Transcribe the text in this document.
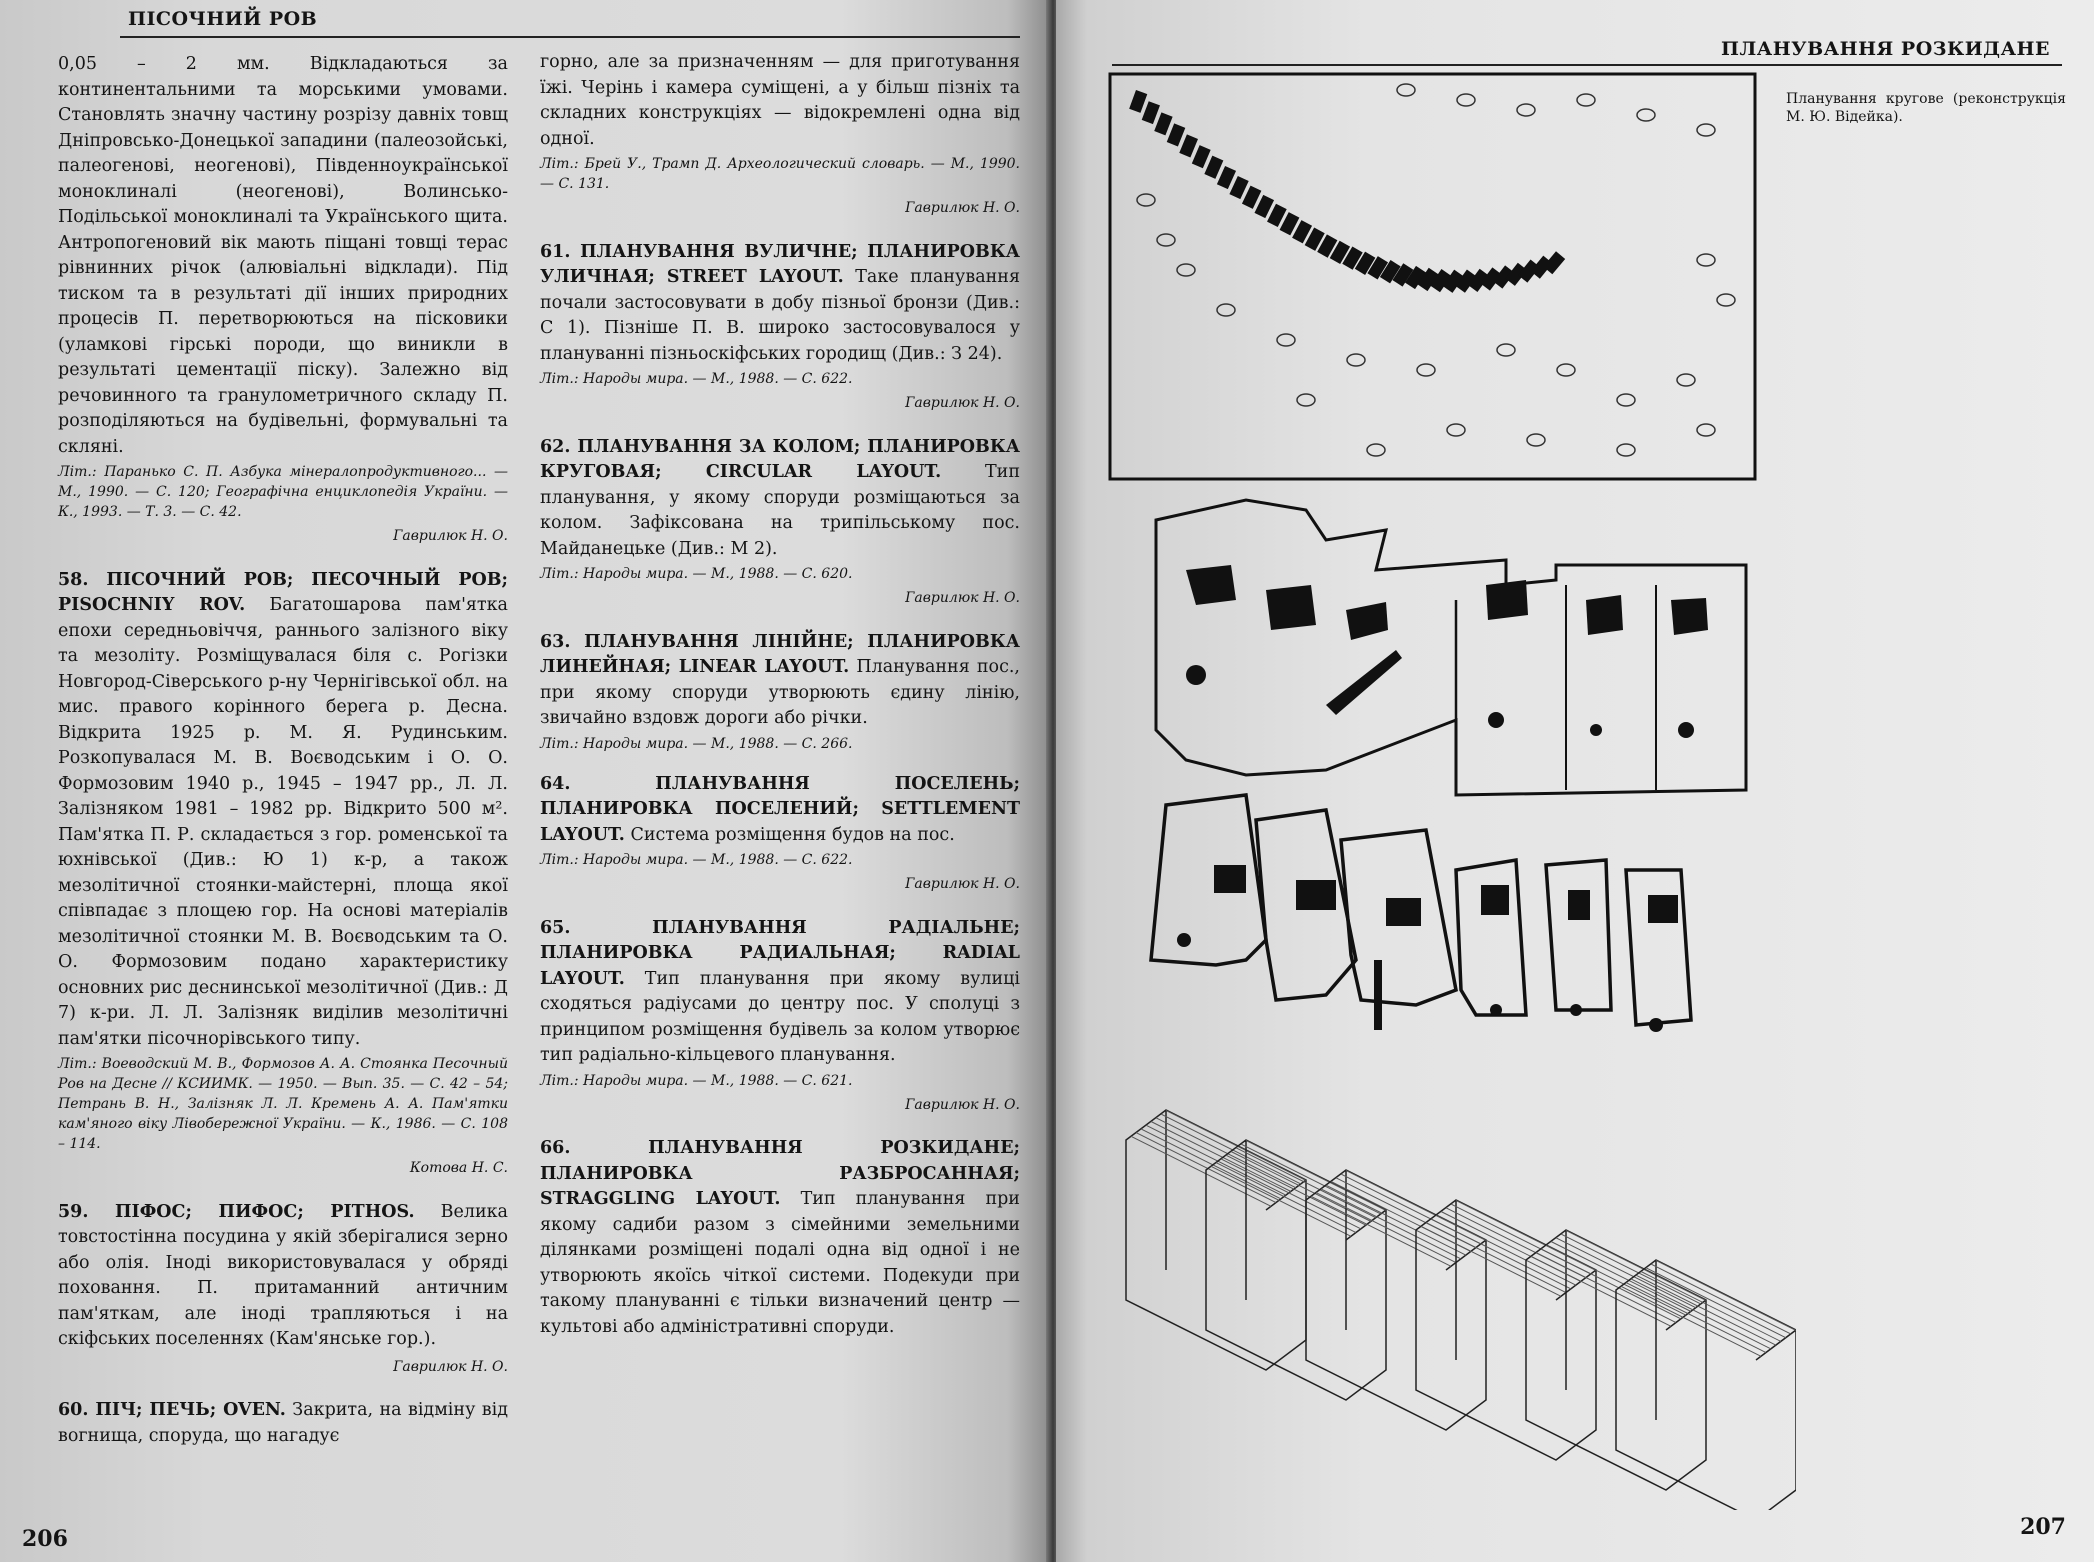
ПІСОЧНИЙ РОВ

0,05 – 2 мм. Відкладаються за континентальними та морськими умовами. Становлять значну частину розрізу давніх товщ Дніпровсько-Донецької западини (палеозойські, палеогенові, неогенові), Південноукраїнської моноклиналі (неогенові), Волинсько-Подільської моноклиналі та Українського щита. Антропогеновий вік мають піщані товщі терас рівнинних річок (алювіальні відклади). Під тиском та в результаті дії інших природних процесів П. перетворюються на пісковики (уламкові гірські породи, що виникли в результаті цементації піску). Залежно від речовинного та гранулометричного складу П. розподіляються на будівельні, формувальні та скляні.

Літ.: Паранько С. П. Азбука мінералопродуктивного... — М., 1990. — С. 120; Географічна енциклопедія України. — К., 1993. — Т. 3. — С. 42.
Гаврилюк Н. О.

58. ПІСОЧНИЙ РОВ; ПЕСОЧНЫЙ РОВ; PISOCHNIY ROV. Багатошарова пам'ятка епохи середньовіччя, раннього залізного віку та мезоліту. Розміщувалася біля с. Рогізки Новгород-Сіверського р-ну Чернігівської обл. на мис. правого корінного берега р. Десна. Відкрита 1925 р. М. Я. Рудинським. Розкопувалася М. В. Воєводським і О. О. Формозовим 1940 р., 1945 – 1947 рр., Л. Л. Залізняком 1981 – 1982 рр. Відкрито 500 м². Пам'ятка П. Р. складається з гор. роменської та юхнівської (Див.: Ю 1) к-р, а також мезолітичної стоянки-майстерні, площа якої співпадає з площею гор. На основі матеріалів мезолітичної стоянки М. В. Воєводським та О. О. Формозовим подано характеристику основних рис деснинської мезолітичної (Див.: Д 7) к-ри. Л. Л. Залізняк виділив мезолітичні пам'ятки пісочнорівського типу.

Літ.: Воеводский М. В., Формозов А. А. Стоянка Песочный Ров на Десне // КСИИМК. — 1950. — Вып. 35. — С. 42 – 54; Петрань В. Н., Залізняк Л. Л. Кремень А. А. Пам'ятки кам'яного віку Лівобережної України. — К., 1986. — С. 108 – 114.
Котова Н. С.

59. ПІФОС; ПИФОС; PITHOS. Велика товстостінна посудина у якій зберігалися зерно або олія. Іноді використовувалася у обряді поховання. П. притаманний античним пам'яткам, але іноді трапляються і на скіфських поселеннях (Кам'янське гор.).

Гаврилюк Н. О.

60. ПІЧ; ПЕЧЬ; OVEN. Закрита, на відміну від вогнища, споруда, що нагадує

горно, але за призначенням — для приготування їжі. Черінь і камера суміщені, а у більш пізніх та складних конструкціях — відокремлені одна від одної.

Літ.: Брей У., Трамп Д. Археологический словарь. — М., 1990. — С. 131.
Гаврилюк Н. О.

61. ПЛАНУВАННЯ ВУЛИЧНЕ; ПЛАНИРОВКА УЛИЧНАЯ; STREET LAYOUT. Таке планування почали застосовувати в добу пізньої бронзи (Див.: С 1). Пізніше П. В. широко застосовувалося у плануванні пізньоскіфських городищ (Див.: З 24).

Літ.: Народы мира. — М., 1988. — С. 622.
Гаврилюк Н. О.

62. ПЛАНУВАННЯ ЗА КОЛОМ; ПЛАНИРОВКА КРУГОВАЯ; CIRCULAR LAYOUT.	Тип планування, у якому споруди розміщаються за колом. Зафіксована на трипільському пос. Майданецьке (Див.: М 2).

Літ.: Народы мира. — М., 1988. — С. 620.
Гаврилюк Н. О.

63. ПЛАНУВАННЯ ЛІНІЙНЕ; ПЛАНИРОВКА ЛИНЕЙНАЯ; LINEAR LAYOUT. Планування пос., при якому споруди утворюють єдину лінію, звичайно вздовж дороги або річки.

Літ.: Народы мира. — М., 1988. — С. 266.

64. ПЛАНУВАННЯ ПОСЕЛЕНЬ; ПЛАНИРОВКА ПОСЕЛЕНИЙ; SETTLEMENT LAYOUT. Система розміщення будов на пос.

Літ.: Народы мира. — М., 1988. — С. 622.
Гаврилюк Н. О.

65. ПЛАНУВАННЯ РАДІАЛЬНЕ; ПЛАНИРОВКА РАДИАЛЬНАЯ; RADIAL LAYOUT. Тип планування при якому вулиці сходяться радіусами до центру пос. У сполуці з принципом розміщення будівель за колом утворює тип радіально-кільцевого планування.

Літ.: Народы мира. — М., 1988. — С. 621.
Гаврилюк Н. О.

66. ПЛАНУВАННЯ РОЗКИДАНЕ; ПЛАНИРОВКА РАЗБРОСАННАЯ; STRAGGLING LAYOUT. Тип планування при якому садиби разом з сімейними земельними ділянками розміщені подалі одна від одної і не утворюють якоїсь чіткої системи. Подекуди при такому плануванні є тільки визначений центр — культові або адміністративні споруди.

206
ПЛАНУВАННЯ РОЗКИДАНЕ
Планування кругове (реконструкція М. Ю. Відейка).
207
